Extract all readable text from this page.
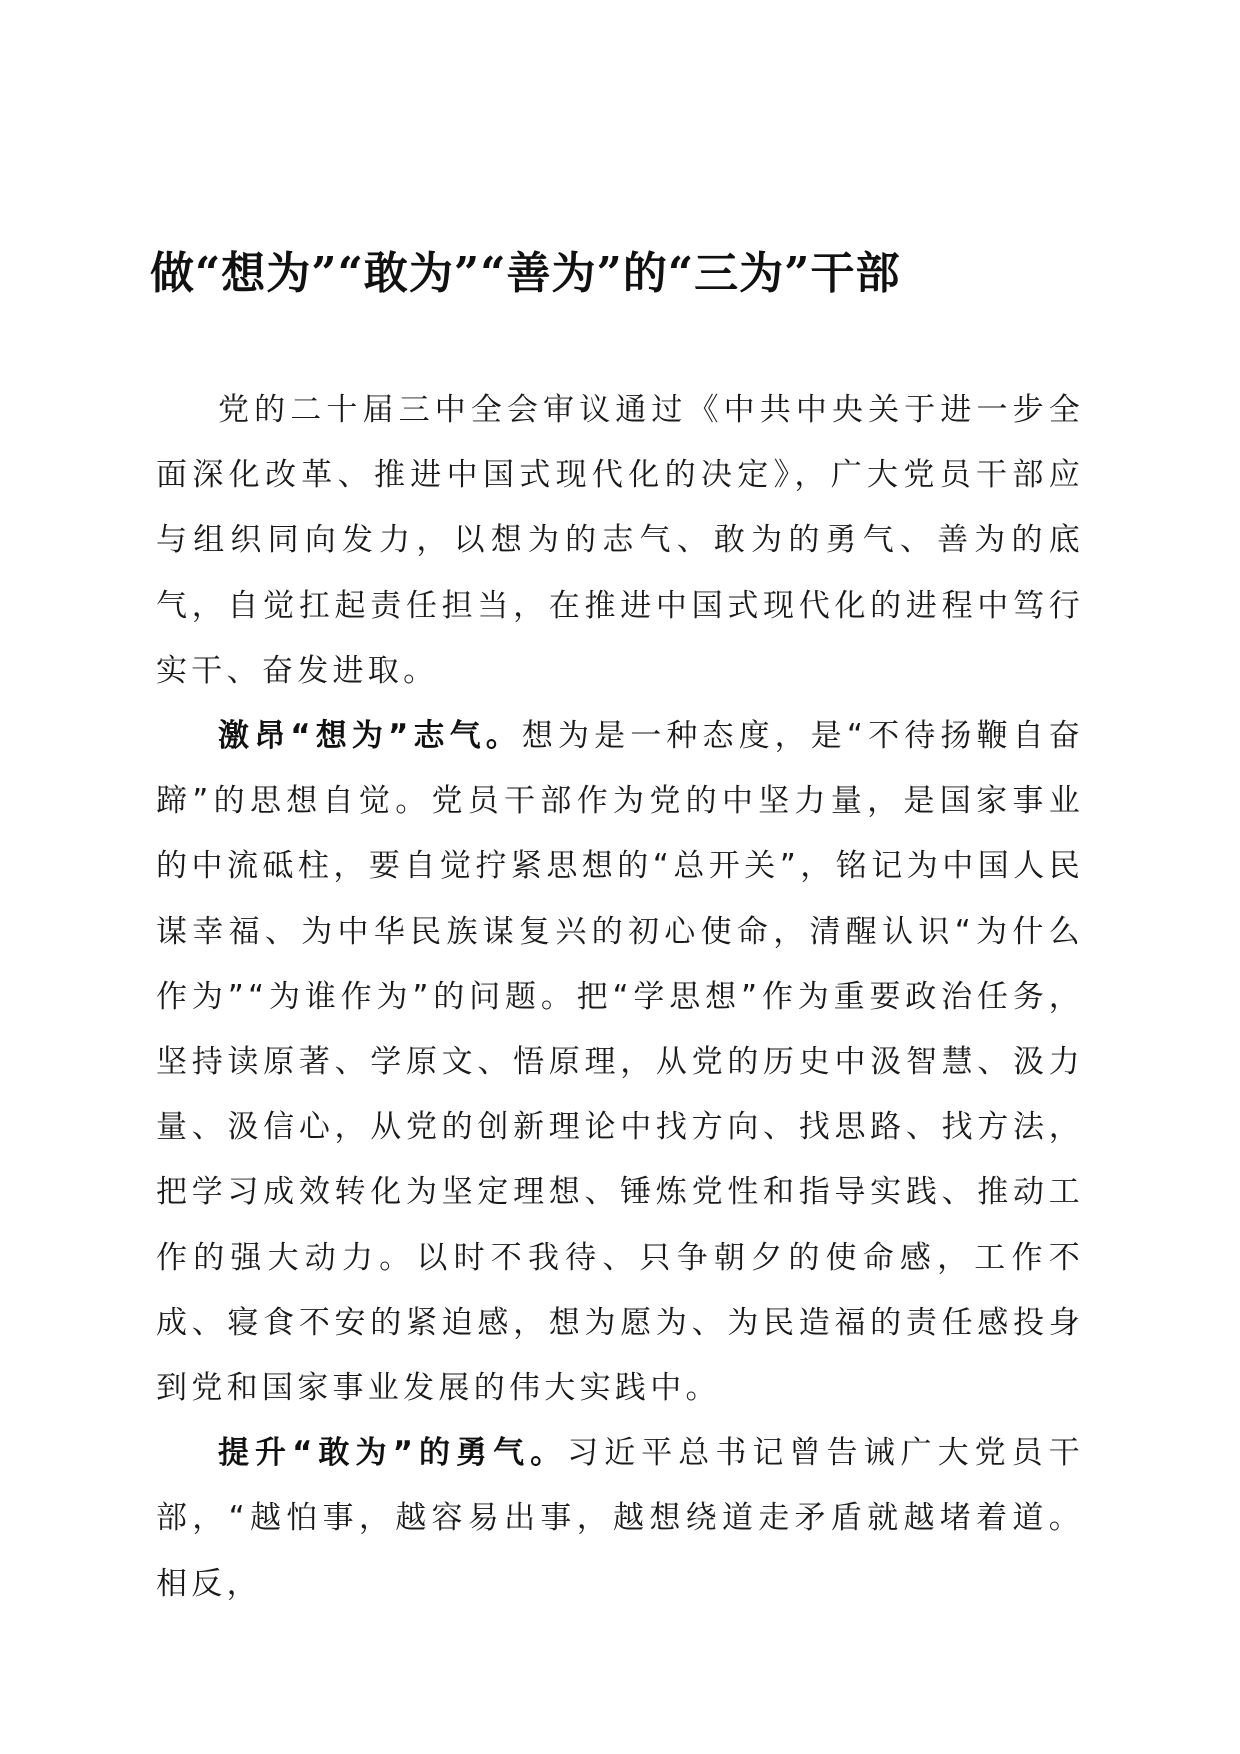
做“想为”“敢为”“善为”的“三为”干部

党的二十届三中全会审议通过《中共中央关于进一步全面深化改革、推进中国式现代化的决定》，广大党员干部应与组织同向发力，以想为的志气、敢为的勇气、善为的底气，自觉扛起责任担当，在推进中国式现代化的进程中笃行实干、奋发进取。

激昂“想为”志气。想为是一种态度，是“不待扬鞭自奋蹄”的思想自觉。党员干部作为党的中坚力量，是国家事业的中流砥柱，要自觉拧紧思想的“总开关”，铭记为中国人民谋幸福、为中华民族谋复兴的初心使命，清醒认识“为什么作为”“为谁作为”的问题。把“学思想”作为重要政治任务，坚持读原著、学原文、悟原理，从党的历史中汲智慧、汲力量、汲信心，从党的创新理论中找方向、找思路、找方法，把学习成效转化为坚定理想、锤炼党性和指导实践、推动工作的强大动力。以时不我待、只争朝夕的使命感，工作不成、寝食不安的紧迫感，想为愿为、为民造福的责任感投身到党和国家事业发展的伟大实践中。

提升“敢为”的勇气。习近平总书记曾告诫广大党员干部，“越怕事，越容易出事，越想绕道走矛盾就越堵着道。相反，
